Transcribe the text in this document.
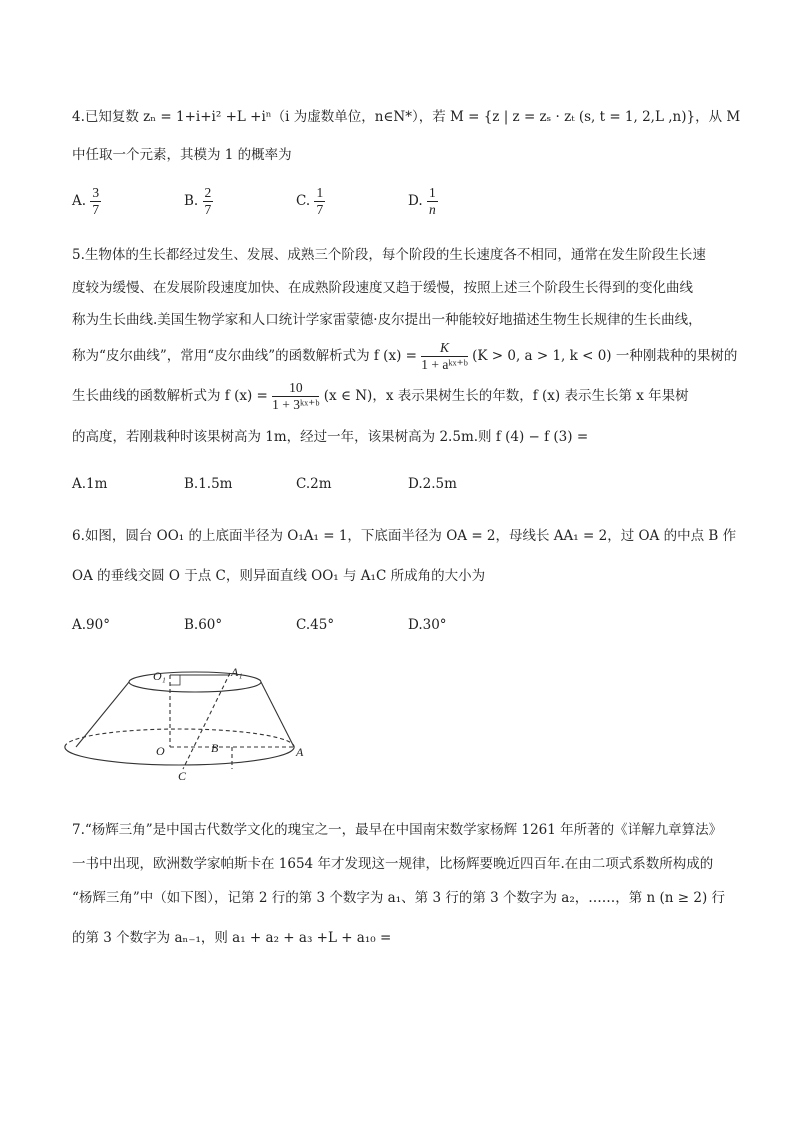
4.已知复数 zₙ = 1+i+i² +L +iⁿ（i 为虚数单位，n∈N*），若 M = {z | z = zₛ · zₜ (s, t = 1, 2,L ,n)}，从 M
中任取一个元素，其模为 1 的概率为
A. $\frac{3}{7}$	B. $\frac{2}{7}$	C. $\frac{1}{7}$	D. $\frac{1}{n}$
5.生物体的生长都经过发生、发展、成熟三个阶段，每个阶段的生长速度各不相同，通常在发生阶段生长速
度较为缓慢、在发展阶段速度加快、在成熟阶段速度又趋于缓慢，按照上述三个阶段生长得到的变化曲线
称为生长曲线.美国生物学家和人口统计学家雷蒙德·皮尔提出一种能较好地描述生物生长规律的生长曲线，
称为“皮尔曲线”，常用“皮尔曲线”的函数解析式为 f $(x) = \frac{K}{\text{1 + aᵏˣ⁺ᵇ}} (K > 0$, a > 1, k < 0) 一种刚栽种的果树的
生长曲线的函数解析式为 f $(x) = \frac{10}{\text{1 + 3ᵏˣ⁺ᵇ}} (x$ ∈ N)，x 表示果树生长的年数，f (x) 表示生长第 x 年果树
的高度，若刚栽种时该果树高为 1m，经过一年，该果树高为 2.5m.则 f (4) − f (3) =
A.1m	B.1.5m	C.2m	D.2.5m
6.如图，圆台 OO₁ 的上底面半径为 O₁A₁ = 1，下底面半径为 OA = 2，母线长 AA₁ = 2，过 OA 的中点 B 作
OA 的垂线交圆 O 于点 C，则异面直线 OO₁ 与 A₁C 所成角的大小为
A.90°	B.60°	C.45°	D.30°
O₁	A₁
O	B	A
C
7.“杨辉三角”是中国古代数学文化的瑰宝之一，最早在中国南宋数学家杨辉 1261 年所著的《详解九章算法》
一书中出现，欧洲数学家帕斯卡在 1654 年才发现这一规律，比杨辉要晚近四百年.在由二项式系数所构成的
“杨辉三角”中（如下图），记第 2 行的第 3 个数字为 a₁、第 3 行的第 3 个数字为 a₂，……，第 n (n ≥ 2) 行
的第 3 个数字为 aₙ₋₁，则 a₁ + a₂ + a₃ +L + a₁₀ =
